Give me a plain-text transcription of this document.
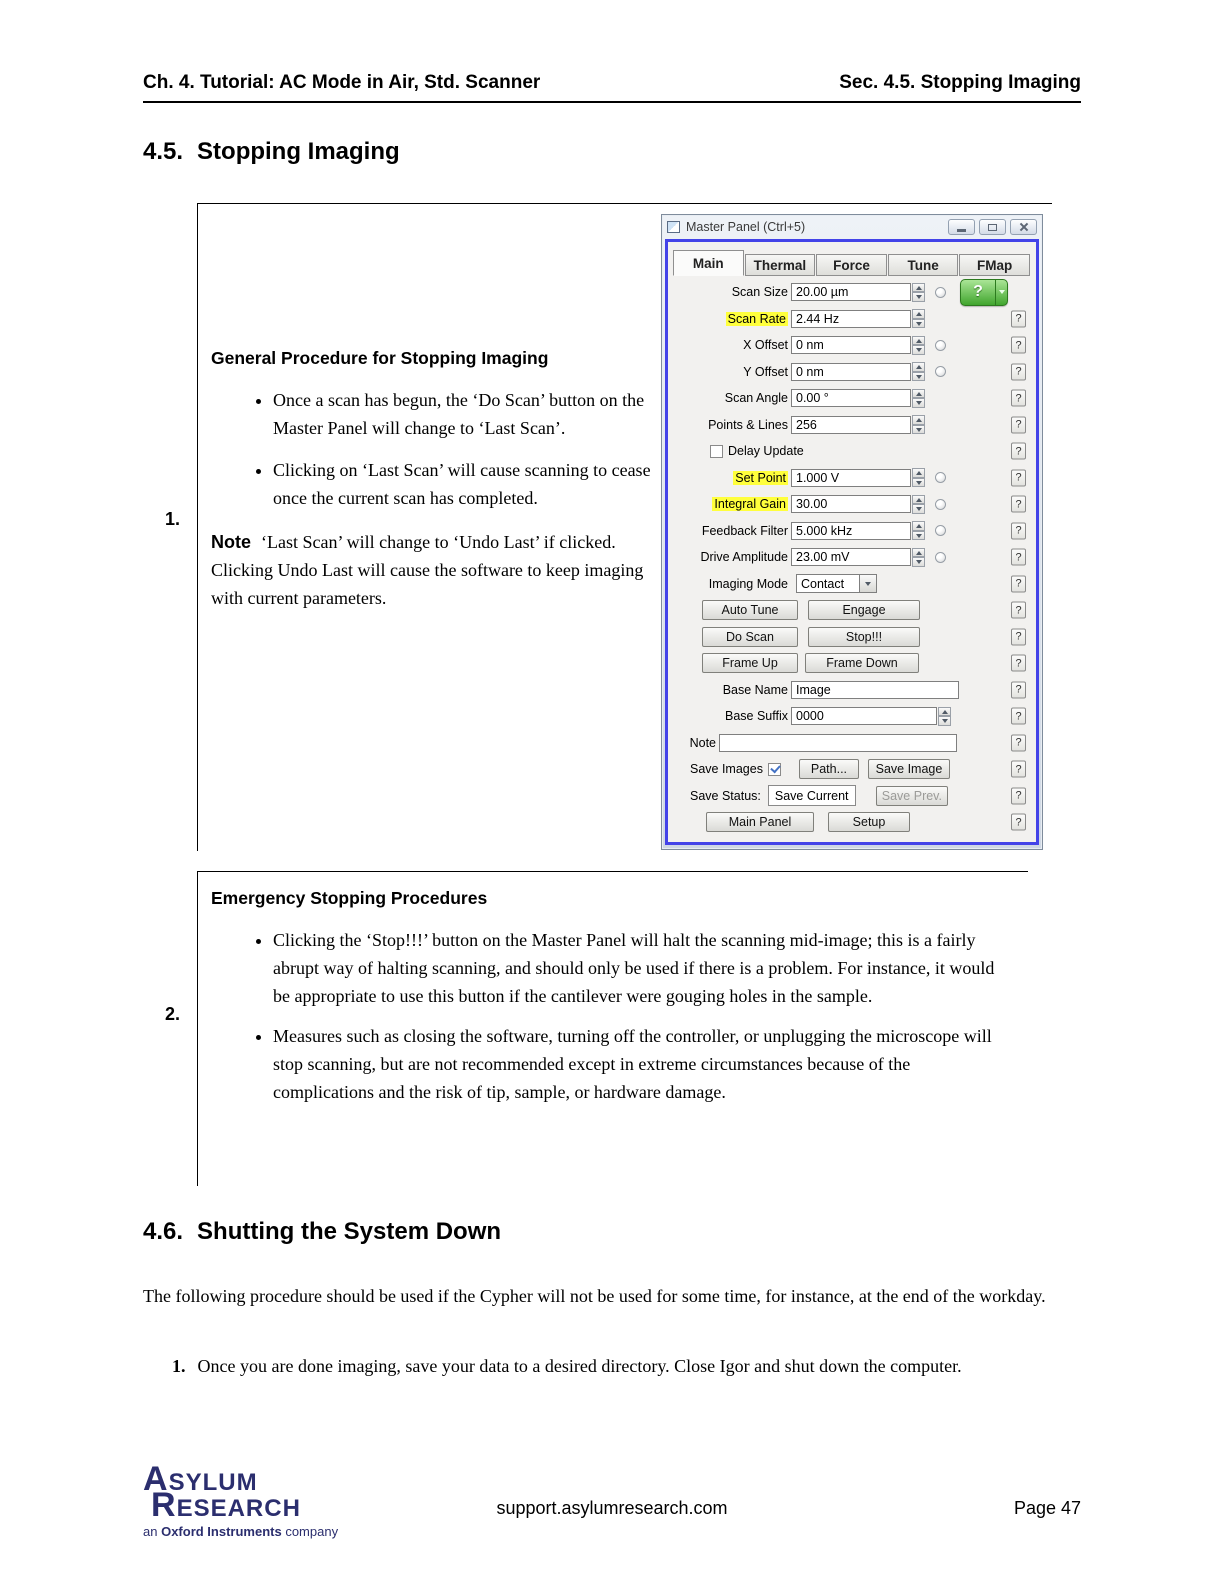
Ch. 4. Tutorial: AC Mode in Air, Std. Scanner	Sec. 4.5. Stopping Imaging
4.5. Stopping Imaging
1.
General Procedure for Stopping Imaging
• Once a scan has begun, the ‘Do Scan’ button on the Master Panel will change to ‘Last Scan’.
• Clicking on ‘Last Scan’ will cause scanning to cease once the current scan has completed.

Note ‘Last Scan’ will change to ‘Undo Last’ if clicked. Clicking Undo Last will cause the software to keep imaging with current parameters.

Master Panel (Ctrl+5)
Main	Thermal	Force	Tune	FMap
Scan Size 20.00 µm	?
Scan Rate 2.44 Hz	?
X Offset 0 nm	?
Y Offset 0 nm	?
Scan Angle 0.00 °	?
Points & Lines 256	?
Delay Update	?
Set Point 1.000 V	?
Integral Gain 30.00	?
Feedback Filter 5.000 kHz	?
Drive Amplitude 23.00 mV	?
Imaging Mode	Contact	?
Auto Tune	Engage	?
Do Scan	Stop!!!	?
Frame Up	Frame Down	?
Base Name Image	?
Base Suffix 0000	?
Note	?
Save Images	Path...	Save Image	?
Save Status: Save Current	Save Prev.	?
Main Panel	Setup	?
2.
Emergency Stopping Procedures
• Clicking the ‘Stop!!!’ button on the Master Panel will halt the scanning mid-image; this is a fairly abrupt way of halting scanning, and should only be used if there is a problem. For instance, it would be appropriate to use this button if the cantilever were gouging holes in the sample.
• Measures such as closing the software, turning off the controller, or unplugging the microscope will stop scanning, but are not recommended except in extreme circumstances because of the complications and the risk of tip, sample, or hardware damage.
4.6. Shutting the System Down

The following procedure should be used if the Cypher will not be used for some time, for instance, at the end of the workday.

1. Once you are done imaging, save your data to a desired directory. Close Igor and shut down the computer.
ASYLUM
RESEARCH
an Oxford Instruments company
support.asylumresearch.com	Page 47
